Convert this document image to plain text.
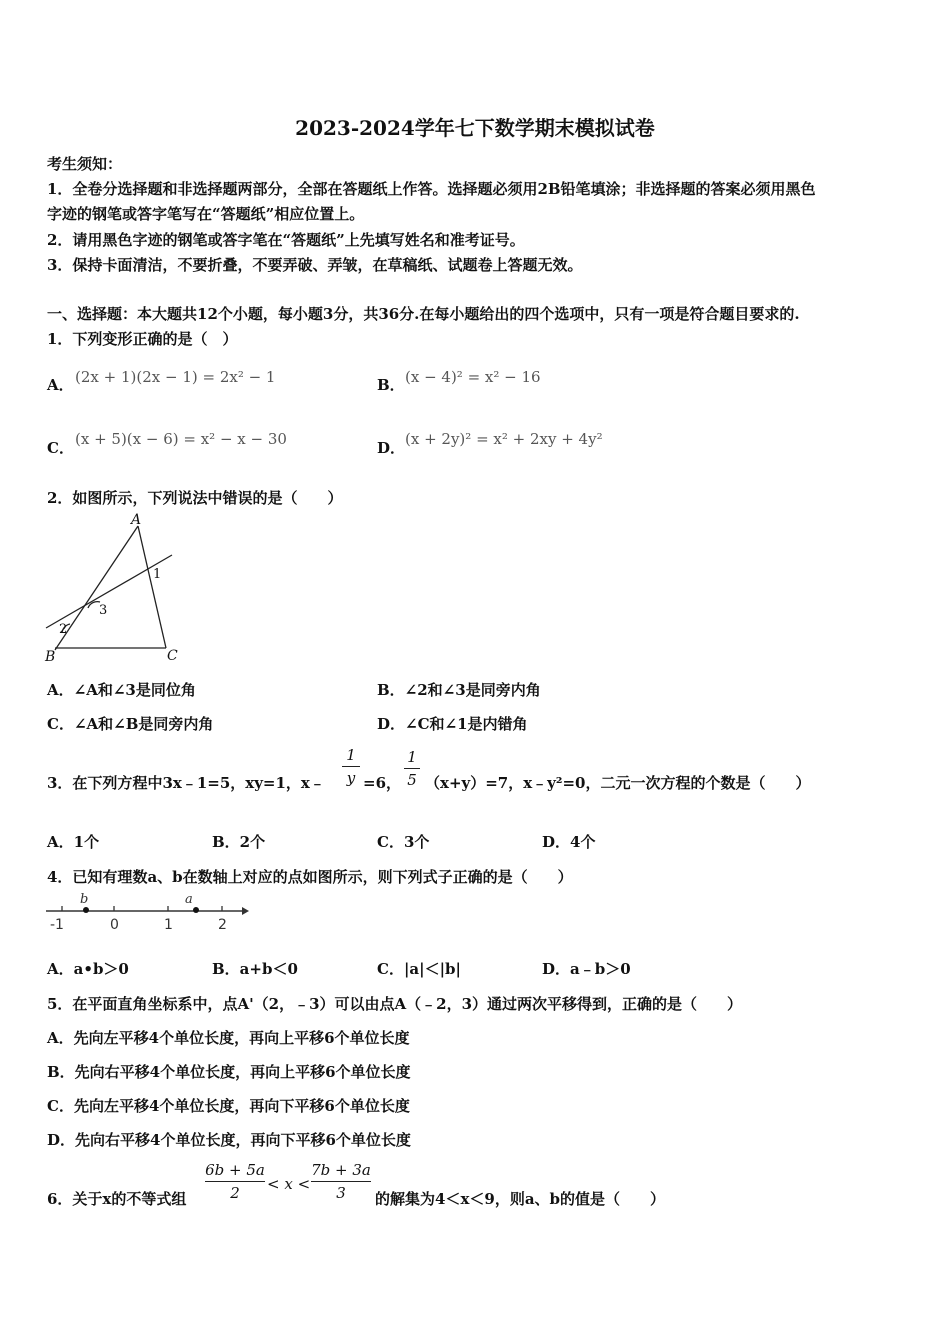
2023-2024学年七下数学期末模拟试卷
考生须知：
1．全卷分选择题和非选择题两部分，全部在答题纸上作答。选择题必须用2B铅笔填涂；非选择题的答案必须用黑色
字迹的钢笔或答字笔写在“答题纸”相应位置上。
2．请用黑色字迹的钢笔或答字笔在“答题纸”上先填写姓名和准考证号。
3．保持卡面清洁，不要折叠，不要弄破、弄皱，在草稿纸、试题卷上答题无效。
一、选择题：本大题共12个小题，每小题3分，共36分.在每小题给出的四个选项中，只有一项是符合题目要求的.
1．下列变形正确的是（　）
A． (2x + 1)(2x − 1) = 2x² − 1	B． (x − 4)² = x² − 16
C． (x + 5)(x − 6) = x² − x − 30	D． (x + 2y)² = x² + 2xy + 4y²
2．如图所示，下列说法中错误的是（　　）
A
B	C
1
2
3
A．∠A和∠3是同位角	B．∠2和∠3是同旁内角
C．∠A和∠B是同旁内角	D．∠C和∠1是内错角
3．在下列方程中3x﹣1=5，xy=1，x﹣
1
y =6，
1
5 （x+y）=7，x﹣y²=0，二元一次方程的个数是（　　）
A．1个	B．2个	C．3个	D．4个
4．已知有理数a、b在数轴上对应的点如图所示，则下列式子正确的是（　　）
-1	0	1	2
b	a
A．a•b＞0	B．a+b＜0	C．|a|＜|b|	D．a﹣b＞0
5．在平面直角坐标系中，点A'（2，﹣3）可以由点A（﹣2，3）通过两次平移得到，正确的是（　　）
A．先向左平移4个单位长度，再向上平移6个单位长度
B．先向右平移4个单位长度，再向上平移6个单位长度
C．先向左平移4个单位长度，再向下平移6个单位长度
D．先向右平移4个单位长度，再向下平移6个单位长度
6．关于x的不等式组
6b + 5a
2	< x <
7b + 3a
3	的解集为4＜x＜9，则a、b的值是（　　）
